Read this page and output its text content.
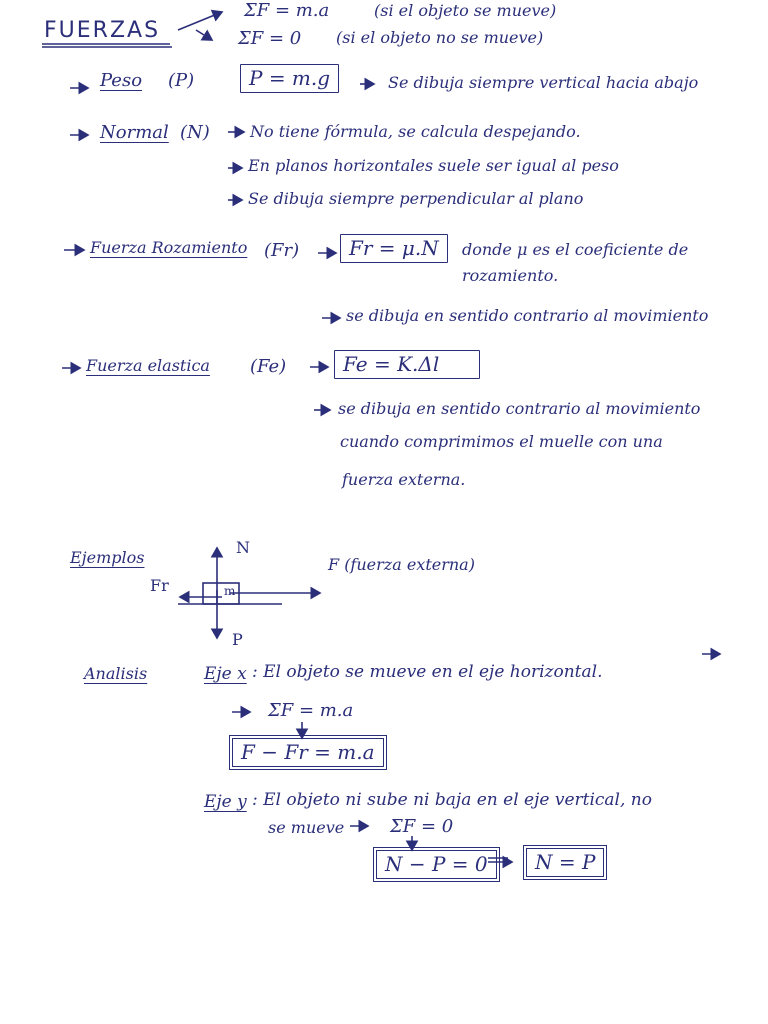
FUERZAS
ΣF = m.a	(si el objeto se mueve)
ΣF = 0 (si el objeto no se mueve)
Peso (P)	P = m.g	Se dibuja siempre vertical hacia abajo
Normal (N)	No tiene fórmula, se calcula despejando.
En planos horizontales suele ser igual al peso
Se dibuja siempre perpendicular al plano
Fuerza Rozamiento (Fr)	Fr = μ.N	donde μ es el coeficiente de
rozamiento.
se dibuja en sentido contrario al movimiento
Fuerza elastica (Fe)	Fe = K.Δl
se dibuja en sentido contrario al movimiento
cuando comprimimos el muelle con una
fuerza externa.
Ejemplos
N
P
Fr	m
F (fuerza externa)
Analisis	Eje x : El objeto se mueve en el eje horizontal.
ΣF = m.a
F − Fr = m.a
Eje y : El objeto ni sube ni baja en el eje vertical, no
se mueve	ΣF = 0
N − P = 0	N = P
